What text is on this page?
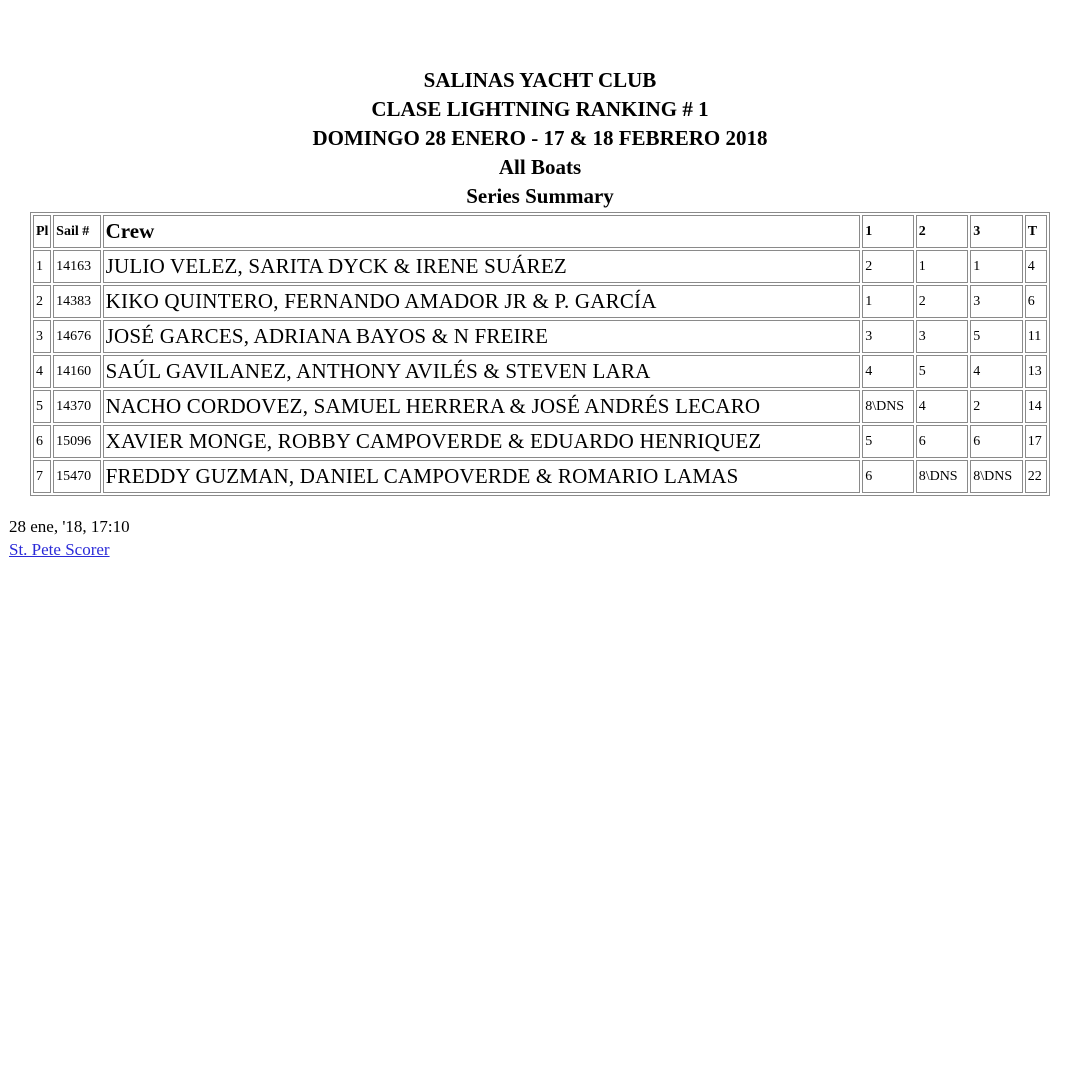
SALINAS YACHT CLUB
CLASE LIGHTNING RANKING # 1
DOMINGO 28 ENERO - 17 & 18 FEBRERO 2018
All Boats
Series Summary
Pl	Sail #	Crew	1	2	3	T
1	14163	JULIO VELEZ, SARITA DYCK & IRENE SUÁREZ	2	1	1	4
2	14383	KIKO QUINTERO, FERNANDO AMADOR JR & P. GARCÍA	1	2	3	6
3	14676	JOSÉ GARCES, ADRIANA BAYOS & N FREIRE	3	3	5	11
4	14160	SAÚL GAVILANEZ, ANTHONY AVILÉS & STEVEN LARA	4	5	4	13
5	14370	NACHO CORDOVEZ, SAMUEL HERRERA & JOSÉ ANDRÉS LECARO	8\DNS	4	2	14
6	15096	XAVIER MONGE, ROBBY CAMPOVERDE & EDUARDO HENRIQUEZ	5	6	6	17
7	15470	FREDDY GUZMAN, DANIEL CAMPOVERDE & ROMARIO LAMAS	6	8\DNS	8\DNS	22
28 ene, '18, 17:10
St. Pete Scorer
